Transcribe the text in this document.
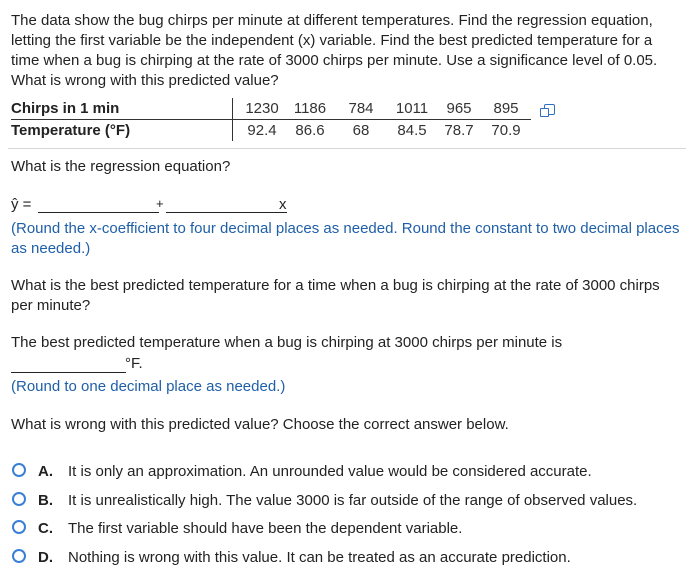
The data show the bug chirps per minute at different temperatures. Find the regression equation, letting the first variable be the independent (x) variable. Find the best predicted temperature for a time when a bug is chirping at the rate of 3000 chirps per minute. Use a significance level of 0.05. What is wrong with this predicted value?
Chirps in 1 min	1230 1186 784 1011 965 895
Temperature (°F)	92.4 86.6 68 84.5 78.7 70.9
What is the regression equation?
ŷ =	+	x
(Round the x-coefficient to four decimal places as needed. Round the constant to two decimal places as needed.)
What is the best predicted temperature for a time when a bug is chirping at the rate of 3000 chirps per minute?
The best predicted temperature when a bug is chirping at 3000 chirps per minute is
°F.
(Round to one decimal place as needed.)
What is wrong with this predicted value? Choose the correct answer below.
A. It is only an approximation. An unrounded value would be considered accurate.
B. It is unrealistically high. The value 3000 is far outside of the range of observed values.
C. The first variable should have been the dependent variable.
D. Nothing is wrong with this value. It can be treated as an accurate prediction.
